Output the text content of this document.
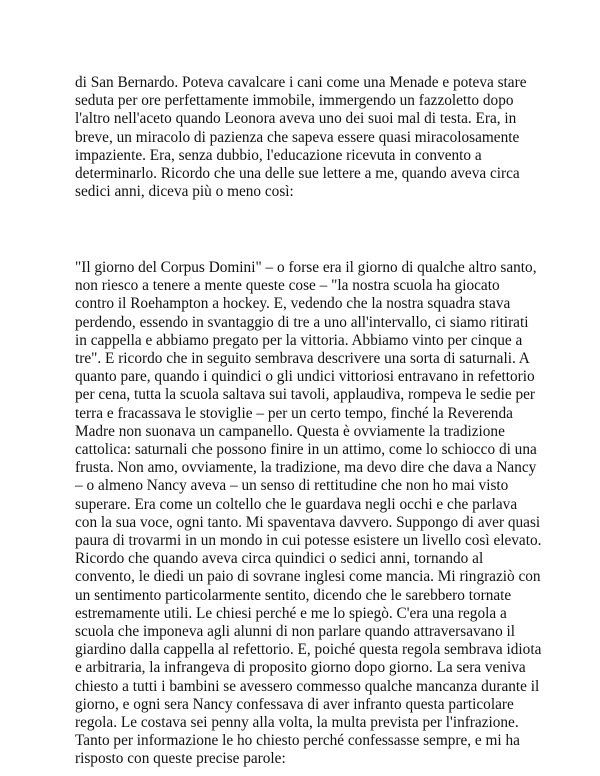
di San Bernardo. Poteva cavalcare i cani come una Menade e poteva stare
seduta per ore perfettamente immobile, immergendo un fazzoletto dopo
l'altro nell'aceto quando Leonora aveva uno dei suoi mal di testa. Era, in
breve, un miracolo di pazienza che sapeva essere quasi miracolosamente
impaziente. Era, senza dubbio, l'educazione ricevuta in convento a
determinarlo. Ricordo che una delle sue lettere a me, quando aveva circa
sedici anni, diceva più o meno così:
"Il giorno del Corpus Domini" – o forse era il giorno di qualche altro santo,
non riesco a tenere a mente queste cose – "la nostra scuola ha giocato
contro il Roehampton a hockey. E, vedendo che la nostra squadra stava
perdendo, essendo in svantaggio di tre a uno all'intervallo, ci siamo ritirati
in cappella e abbiamo pregato per la vittoria. Abbiamo vinto per cinque a
tre". E ricordo che in seguito sembrava descrivere una sorta di saturnali. A
quanto pare, quando i quindici o gli undici vittoriosi entravano in refettorio
per cena, tutta la scuola saltava sui tavoli, applaudiva, rompeva le sedie per
terra e fracassava le stoviglie – per un certo tempo, finché la Reverenda
Madre non suonava un campanello. Questa è ovviamente la tradizione
cattolica: saturnali che possono finire in un attimo, come lo schiocco di una
frusta. Non amo, ovviamente, la tradizione, ma devo dire che dava a Nancy
– o almeno Nancy aveva – un senso di rettitudine che non ho mai visto
superare. Era come un coltello che le guardava negli occhi e che parlava
con la sua voce, ogni tanto. Mi spaventava davvero. Suppongo di aver quasi
paura di trovarmi in un mondo in cui potesse esistere un livello così elevato.
Ricordo che quando aveva circa quindici o sedici anni, tornando al
convento, le diedi un paio di sovrane inglesi come mancia. Mi ringraziò con
un sentimento particolarmente sentito, dicendo che le sarebbero tornate
estremamente utili. Le chiesi perché e me lo spiegò. C'era una regola a
scuola che imponeva agli alunni di non parlare quando attraversavano il
giardino dalla cappella al refettorio. E, poiché questa regola sembrava idiota
e arbitraria, la infrangeva di proposito giorno dopo giorno. La sera veniva
chiesto a tutti i bambini se avessero commesso qualche mancanza durante il
giorno, e ogni sera Nancy confessava di aver infranto questa particolare
regola. Le costava sei penny alla volta, la multa prevista per l'infrazione.
Tanto per informazione le ho chiesto perché confessasse sempre, e mi ha
risposto con queste precise parole:
